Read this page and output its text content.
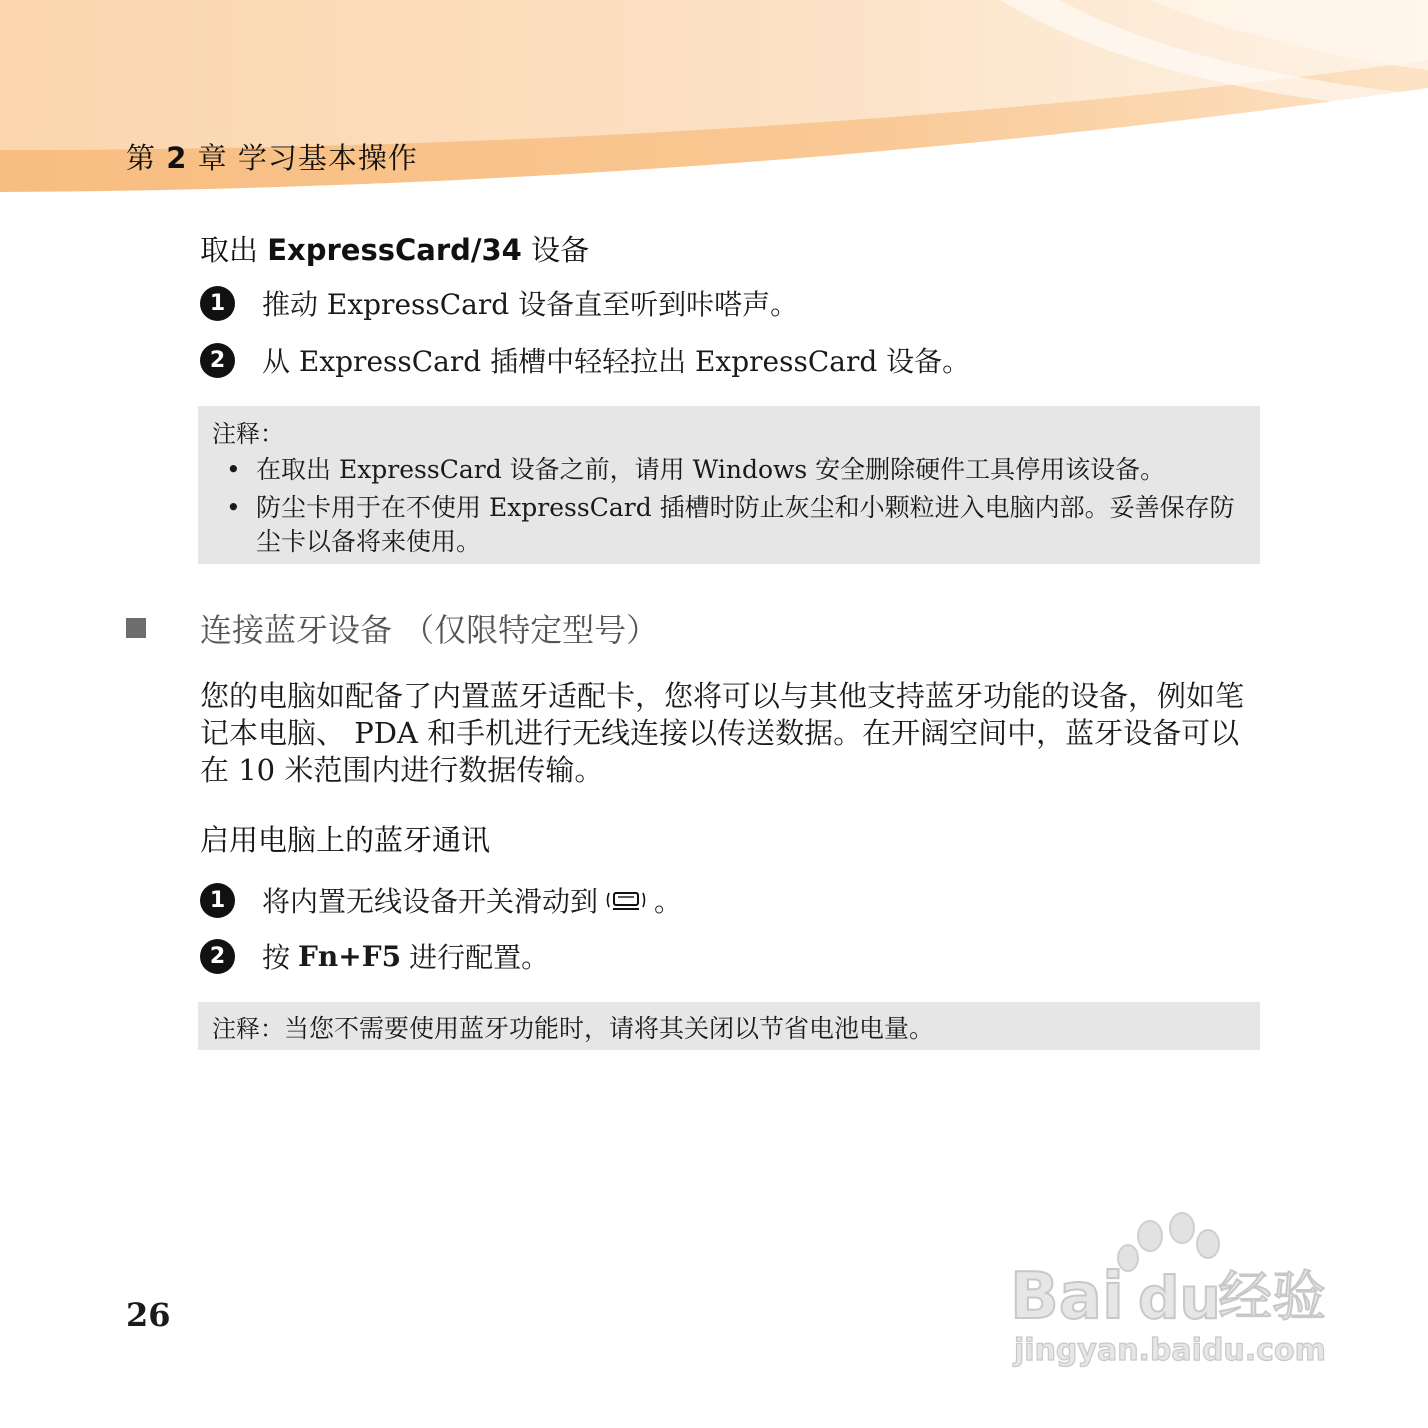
第 2 章 学习基本操作
取出 ExpressCard/34 设备
1	推动 ExpressCard 设备直至听到咔嗒声。
2	从 ExpressCard 插槽中轻轻拉出 ExpressCard 设备。
注释：
• 在取出 ExpressCard 设备之前，请用 Windows 安全删除硬件工具停用该设备。
• 防尘卡用于在不使用 ExpressCard 插槽时防止灰尘和小颗粒进入电脑内部。妥善保存防尘卡以备将来使用。
连接蓝牙设备 （仅限特定型号）
您的电脑如配备了内置蓝牙适配卡，您将可以与其他支持蓝牙功能的设备，例如笔记本电脑、 PDA 和手机进行无线连接以传送数据。在开阔空间中，蓝牙设备可以在 10 米范围内进行数据传输。
启用电脑上的蓝牙通讯
1	将内置无线设备开关滑动到 。
2	按 Fn+F5 进行配置。
注释： 当您不需要使用蓝牙功能时，请将其关闭以节省电池电量。
26	Bai du
经验
jingyan.baidu.com
